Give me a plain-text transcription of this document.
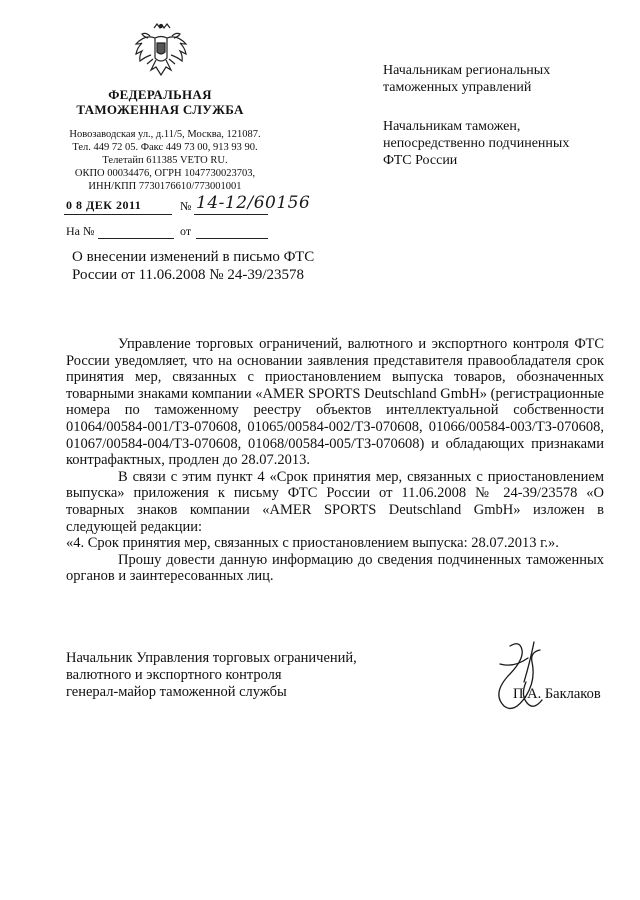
ФЕДЕРАЛЬНАЯ
ТАМОЖЕННАЯ СЛУЖБА
Новозаводская ул., д.11/5, Москва, 121087.
Тел. 449 72 05. Факс 449 73 00, 913 93 90.
Телетайп 611385 VETO RU.
ОКПО 00034476, ОГРН 1047730023703,
ИНН/КПП 7730176610/773001001
0 8 ДЕК 2011	№ 14-12/60156
На №	от
Начальникам региональных
таможенных управлений
Начальникам таможен,
непосредственно подчиненных
ФТС России
О внесении изменений в письмо ФТС
России от 11.06.2008 № 24-39/23578

Управление торговых ограничений, валютного и экспортного контроля ФТС России уведомляет, что на основании заявления представителя правообладателя срок принятия мер, связанных с приостановлением выпуска товаров, обозначенных товарными знаками компании «AMER SPORTS Deutschland GmbH» (регистрационные номера по таможенному реестру объектов интеллектуальной собственности 01064/00584-001/ТЗ-070608, 01065/00584-002/ТЗ-070608, 01066/00584-003/ТЗ-070608, 01067/00584-004/ТЗ-070608, 01068/00584-005/ТЗ-070608) и обладающих признаками контрафактных, продлен до 28.07.2013.

В связи с этим пункт 4 «Срок принятия мер, связанных с приостановлением выпуска» приложения к письму ФТС России от 11.06.2008 № 24-39/23578 «О товарных знаков компании «AMER SPORTS Deutschland GmbH» изложен в следующей редакции:

«4. Срок принятия мер, связанных с приостановлением выпуска: 28.07.2013 г.».

Прошу довести данную информацию до сведения подчиненных таможенных органов и заинтересованных лиц.

Начальник Управления торговых ограничений,
валютного и экспортного контроля
генерал-майор таможенной службы	П.А. Баклаков
